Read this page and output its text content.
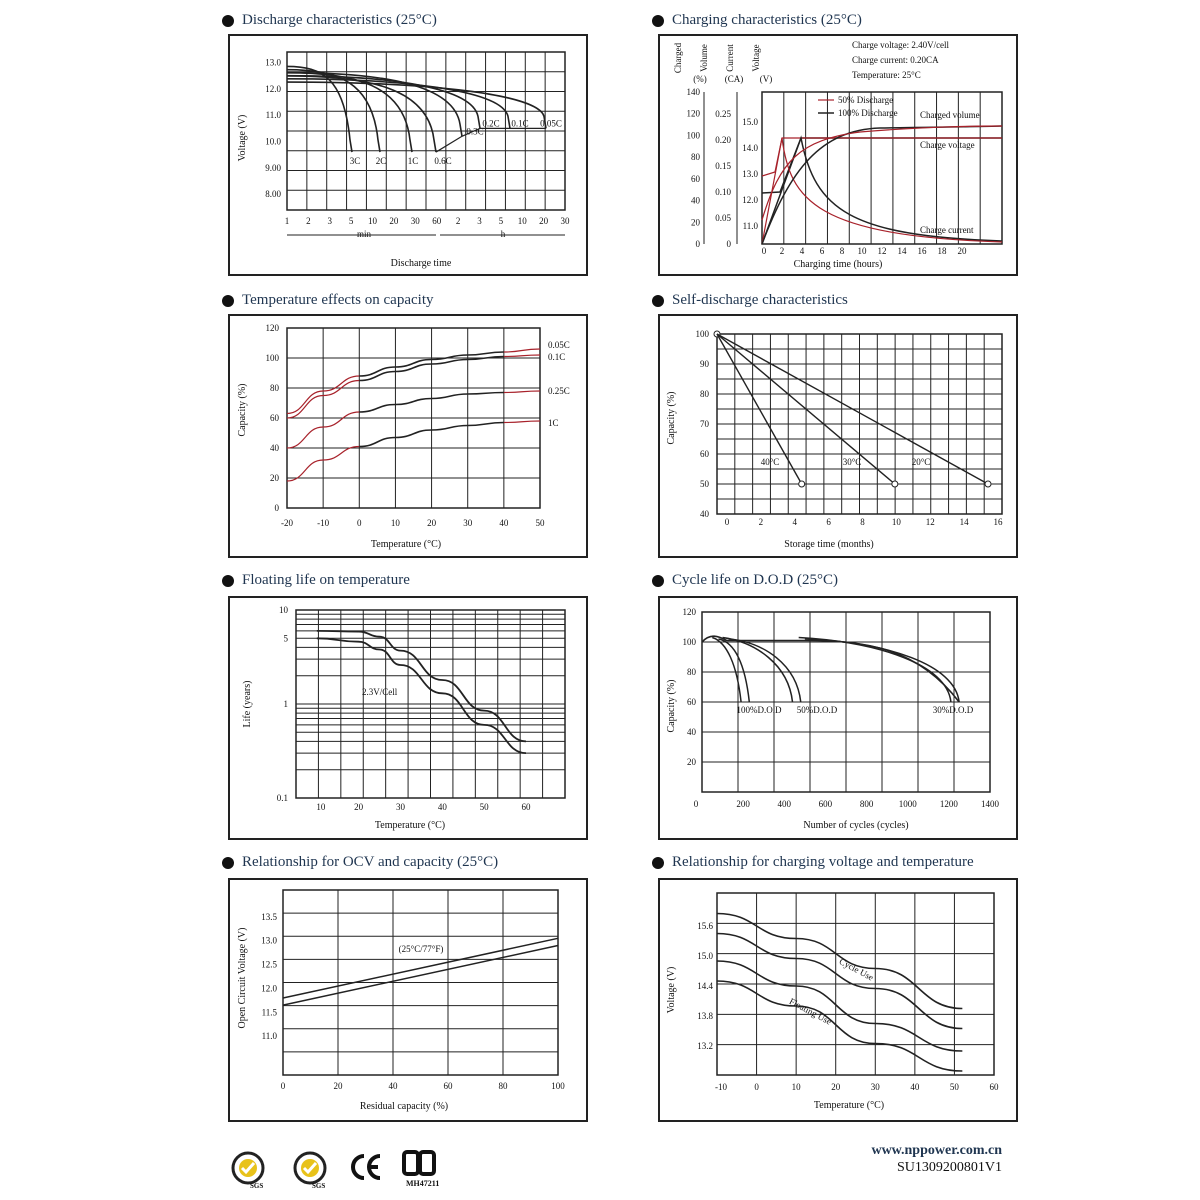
Discharge characteristics (25°C)	Charging characteristics (25°C)
Temperature effects on capacity	Self-discharge characteristics
Floating life on temperature	Cycle life on D.O.D (25°C)
Relationship for OCV and capacity (25°C)	Relationship for charging voltage and temperature
13.0
12.0
11.0
10.0
9.00
8.00
1 2 3 5 10 20 30 60 2 3 5 10 20 30
Voltage (V)
Discharge time
min	h
3C 2C 1C 0.6C
0.3C
0.2C 0.1C 0.05C
Charged Volume Current Voltage
(%) (CA) (V)
140
120
100
80
60
40
20
0
0.25
0.20
0.15
0.10
0.05
0
15.0
14.0
13.0
12.0
11.0
0 2 4 6 8 10 12 14 16 18 20
Charging time (hours)
Charge voltage: 2.40V/cell
Charge current: 0.20CA
Temperature: 25°C
50% Discharge
100% Discharge Charged volume
Charge voltage
Charge current
0
20
40
60
80
100
120
-20	-10	0	10	20	30	40	50
Capacity (%)
Temperature (°C)
0.05C
0.1C
0.25C
1C
40
50
60
70
80
90
100
0	2	4	6	8	10	12	14	16
Capacity (%)
Storage time (months)
40°C	30°C	20°C
10
5
1
0.1
10	20	30	40	50	60
Life (years)
Temperature (°C)
2.3V/Cell
20
40
60
80
100
120
0	200	400	600	800	1000	1200	1400
Capacity (%)
Number of cycles (cycles)
100%D.O.D 50%D.O.D	30%D.O.D
13.5
13.0
12.5
12.0
11.5
11.0
0	20	40	60	80	100
Open Circuit Voltage (V)
Residual capacity (%)
(25°C/77°F)
15.6
15.0
14.4
13.8
13.2
-10	0	10	20	30	40	50	60
Voltage (V)
Temperature (°C)
Cycle Use
Floating Use
www.nppower.com.cn
SU1309200801V1
SGS	SGS	MH47211
